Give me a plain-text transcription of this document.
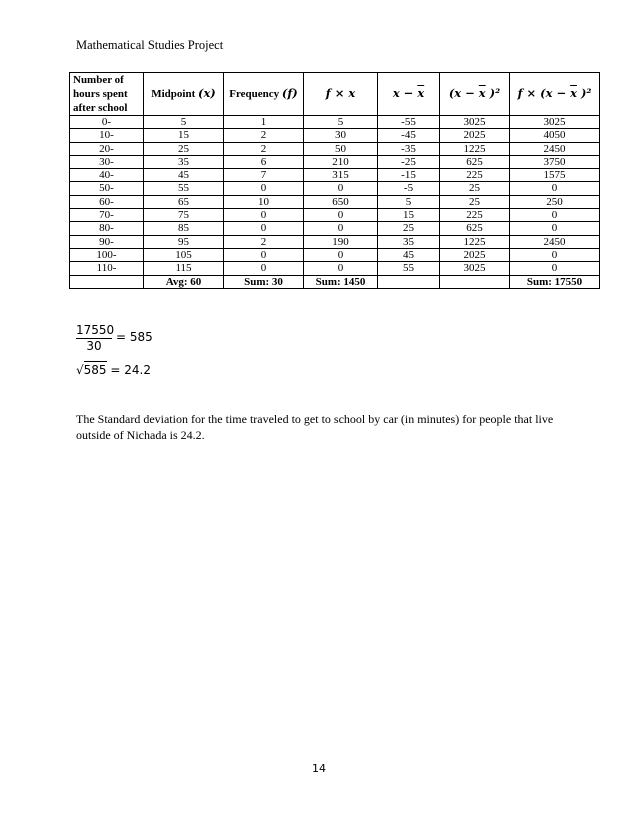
Mathematical Studies Project
Number of hours spent after school	Midpoint (x)	Frequency (f)	f × x	$x - \overline{x}$	($x - \overline{x}$ )²	$f \times (x - \overline{x}$ )²
0-	5	1	5	-55	3025	3025
10-	15	2	30	-45	2025	4050
20-	25	2	50	-35	1225	2450
30-	35	6	210	-25	625	3750
40-	45	7	315	-15	225	1575
50-	55	0	0	-5	25	0
60-	65	10	650	5	25	250
70-	75	0	0	15	225	0
80-	85	0	0	25	625	0
90-	95	2	190	35	1225	2450
100-	105	0	0	45	2025	0
110-	115	0	0	55	3025	0
	Avg: 60	Sum: 30	Sum: 1450			Sum: 17550
17550
30
= 585
√585 = 24.2
The Standard deviation for the time traveled to get to school by car (in minutes) for people that live outside of Nichada is 24.2.
14
